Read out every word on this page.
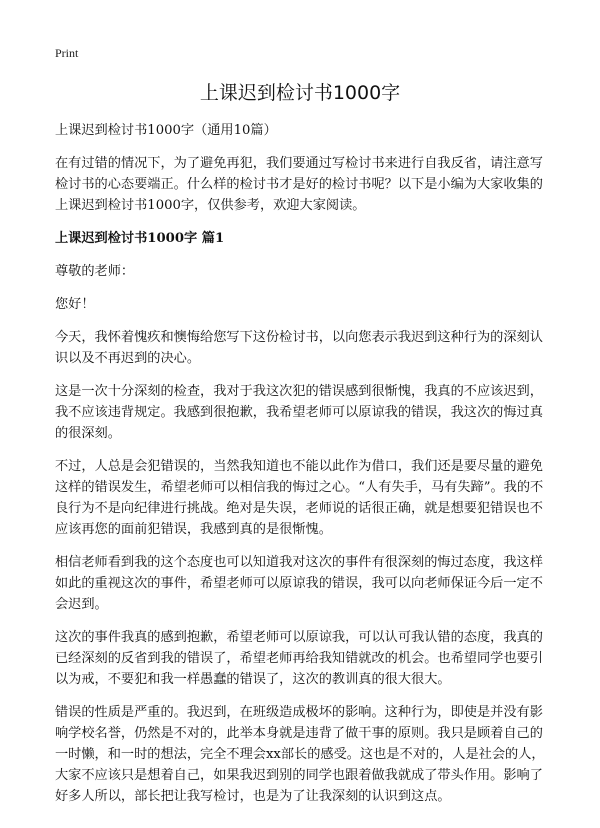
Print
上课迟到检讨书1000字

上课迟到检讨书1000字（通用10篇）

在有过错的情况下，为了避免再犯，我们要通过写检讨书来进行自我反省，请注意写检讨书的心态要端正。什么样的检讨书才是好的检讨书呢？以下是小编为大家收集的上课迟到检讨书1000字，仅供参考，欢迎大家阅读。

上课迟到检讨书1000字 篇1

尊敬的老师：

您好！

今天，我怀着愧疚和懊悔给您写下这份检讨书，以向您表示我迟到这种行为的深刻认识以及不再迟到的决心。

这是一次十分深刻的检查，我对于我这次犯的错误感到很惭愧，我真的不应该迟到，我不应该违背规定。我感到很抱歉，我希望老师可以原谅我的错误，我这次的悔过真的很深刻。

不过，人总是会犯错误的，当然我知道也不能以此作为借口，我们还是要尽量的避免这样的错误发生，希望老师可以相信我的悔过之心。“人有失手，马有失蹄”。我的不良行为不是向纪律进行挑战。绝对是失误，老师说的话很正确，就是想要犯错误也不应该再您的面前犯错误，我感到真的是很惭愧。

相信老师看到我的这个态度也可以知道我对这次的事件有很深刻的悔过态度，我这样如此的重视这次的事件，希望老师可以原谅我的错误，我可以向老师保证今后一定不会迟到。

这次的事件我真的感到抱歉，希望老师可以原谅我，可以认可我认错的态度，我真的已经深刻的反省到我的错误了，希望老师再给我知错就改的机会。也希望同学也要引以为戒，不要犯和我一样愚蠢的错误了，这次的教训真的很大很大。

错误的性质是严重的。我迟到，在班级造成极坏的影响。这种行为，即使是并没有影响学校名誉，仍然是不对的，此举本身就是违背了做干事的原则。我只是顾着自己的一时懒，和一时的想法，完全不理会xx部长的感受。这也是不对的，人是社会的人，大家不应该只是想着自己，如果我迟到别的同学也跟着做我就成了带头作用。影响了好多人所以，部长把让我写检讨，也是为了让我深刻的认识到这点。
